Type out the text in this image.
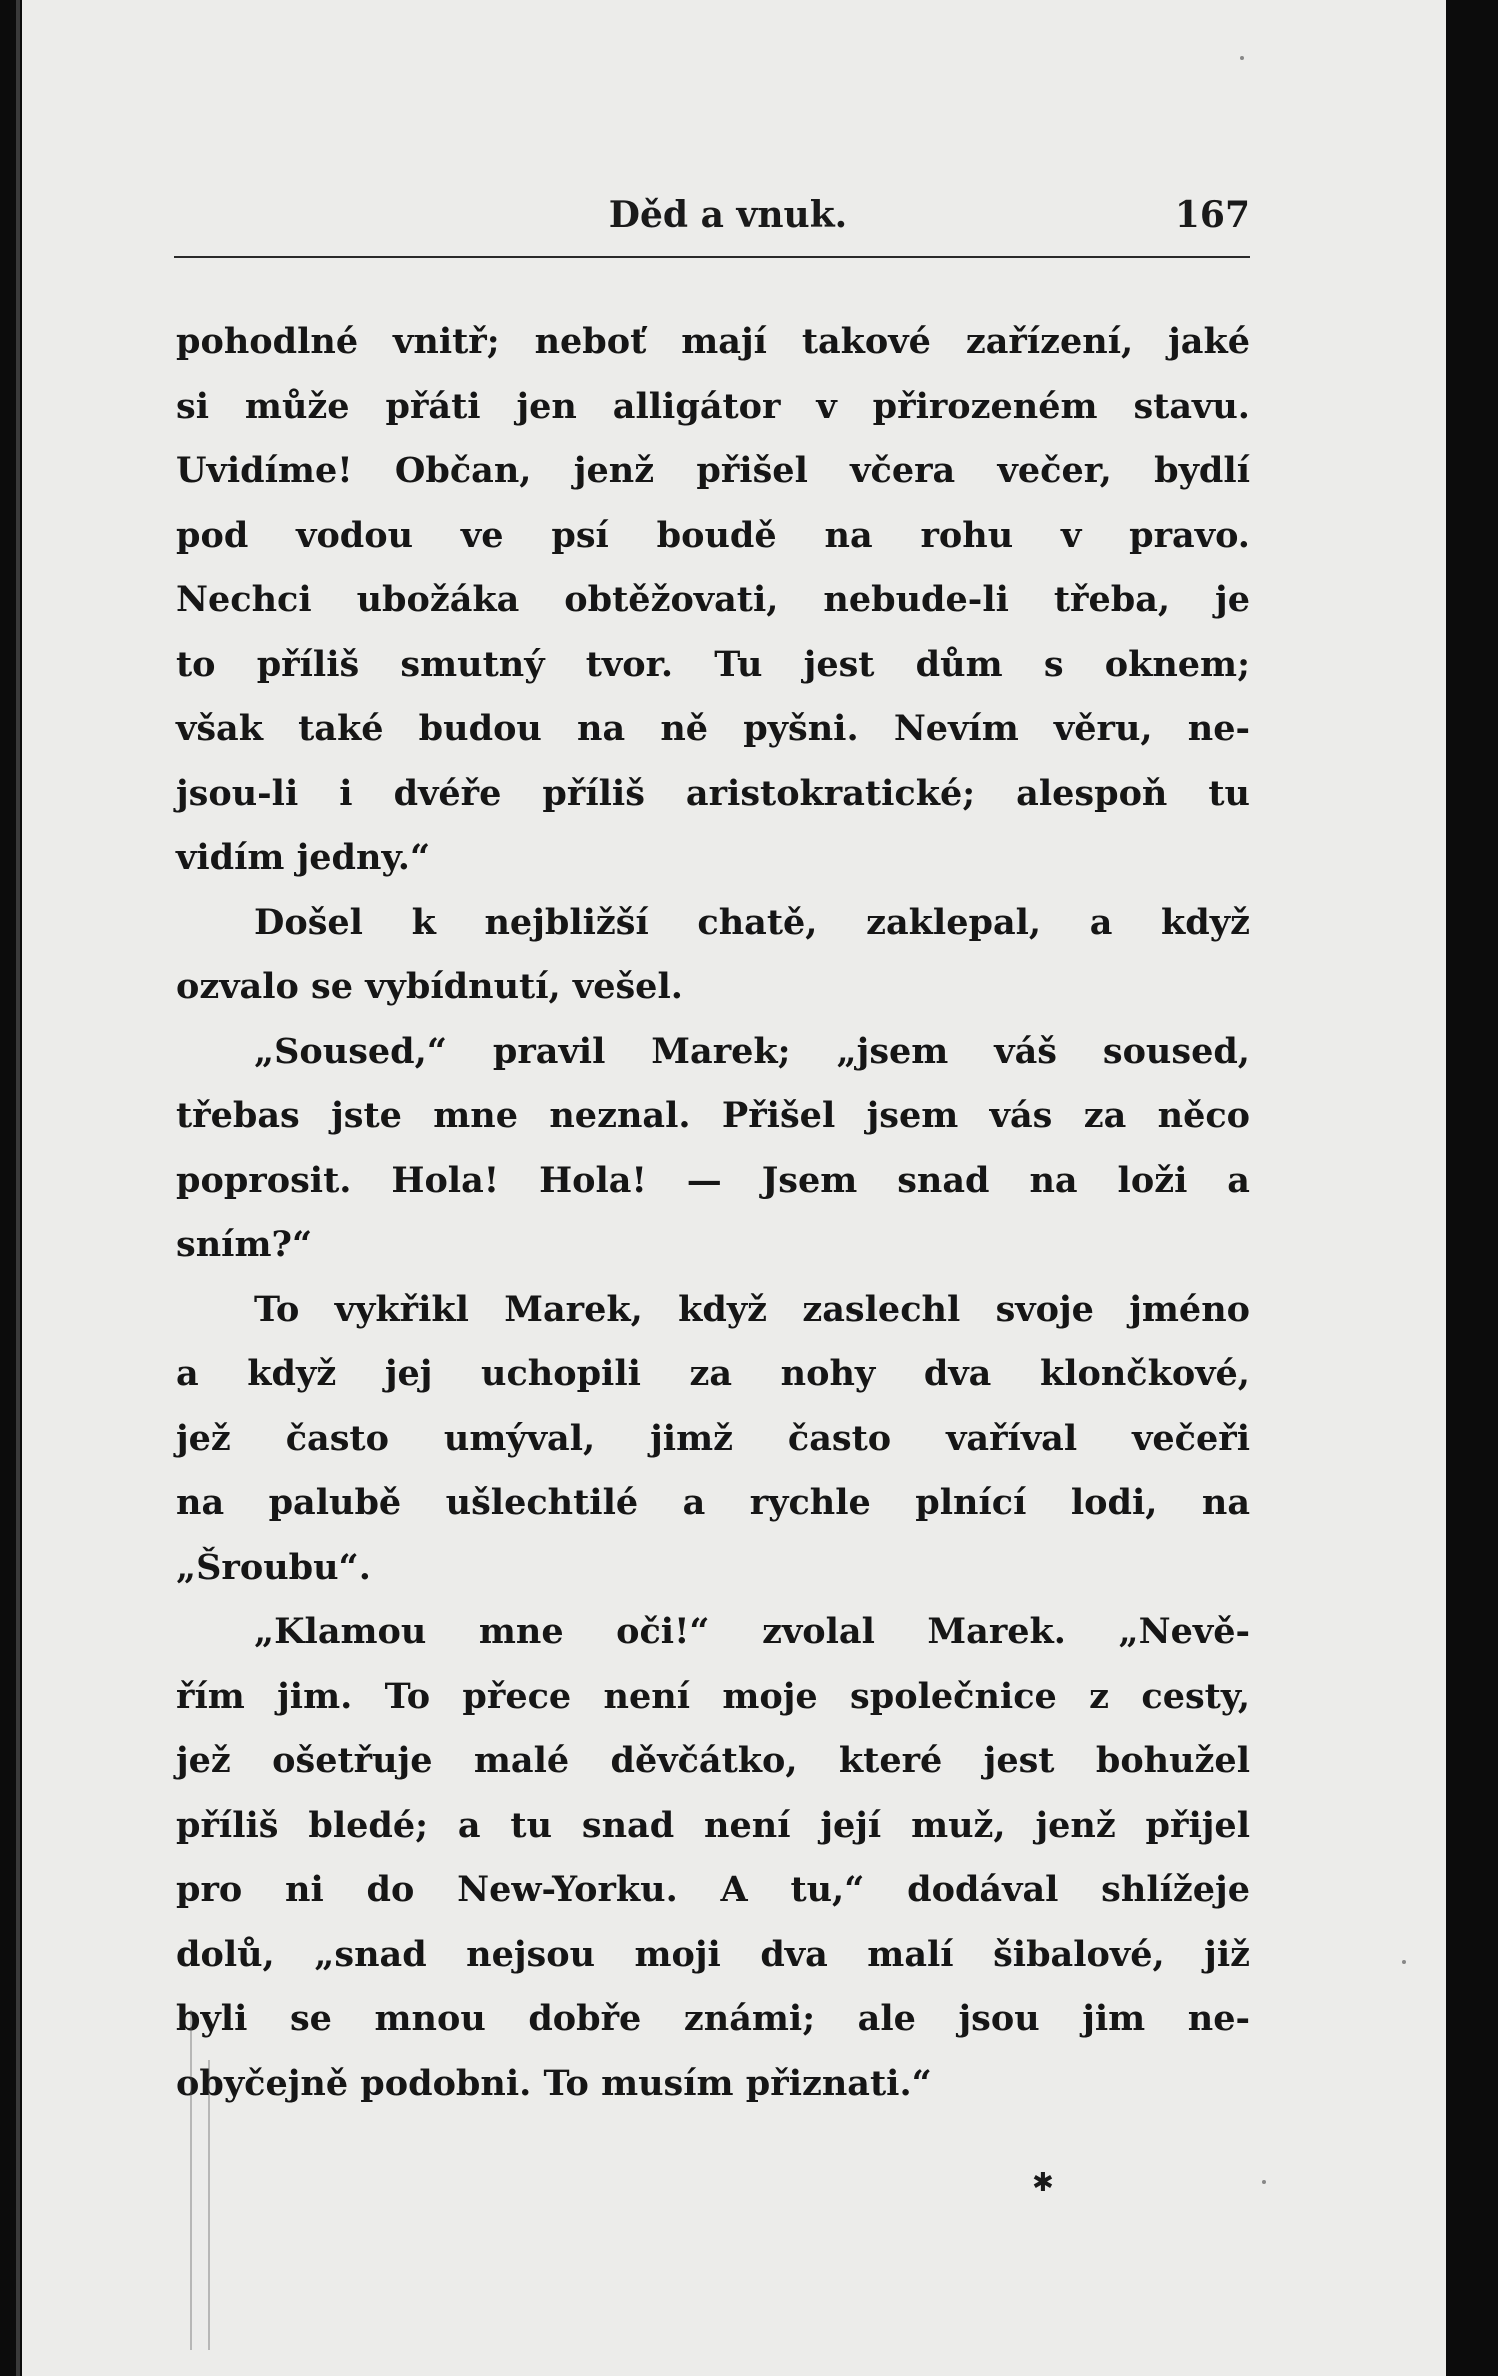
Děd a vnuk.	167
pohodlné vnitř; neboť mají takové zařízení, jaké
si může přáti jen alligátor v přirozeném stavu.
Uvidíme! Občan, jenž přišel včera večer, bydlí
pod vodou ve psí boudě na rohu v pravo.
Nechci ubožáka obtěžovati, nebude-li třeba, je
to příliš smutný tvor. Tu jest dům s oknem;
však také budou na ně pyšni. Nevím věru, ne-
jsou-li i dvéře příliš aristokratické; alespoň tu
vidím jedny.“
Došel k nejbližší chatě, zaklepal, a když
ozvalo se vybídnutí, vešel.
„Soused,“ pravil Marek; „jsem váš soused,
třebas jste mne neznal. Přišel jsem vás za něco
poprosit. Hola! Hola! — Jsem snad na loži a
sním?“
To vykřikl Marek, když zaslechl svoje jméno
a když jej uchopili za nohy dva klončkové,
jež často umýval, jimž často vaříval večeři
na palubě ušlechtilé a rychle plnící lodi, na
„Šroubu“.
„Klamou mne oči!“ zvolal Marek. „Nevě-
řím jim. To přece není moje společnice z cesty,
jež ošetřuje malé děvčátko, které jest bohužel
příliš bledé; a tu snad není její muž, jenž přijel
pro ni do New-Yorku. A tu,“ dodával shlížeje
dolů, „snad nejsou moji dva malí šibalové, již
byli se mnou dobře známi; ale jsou jim ne-
obyčejně podobni. To musím přiznati.“
✱
